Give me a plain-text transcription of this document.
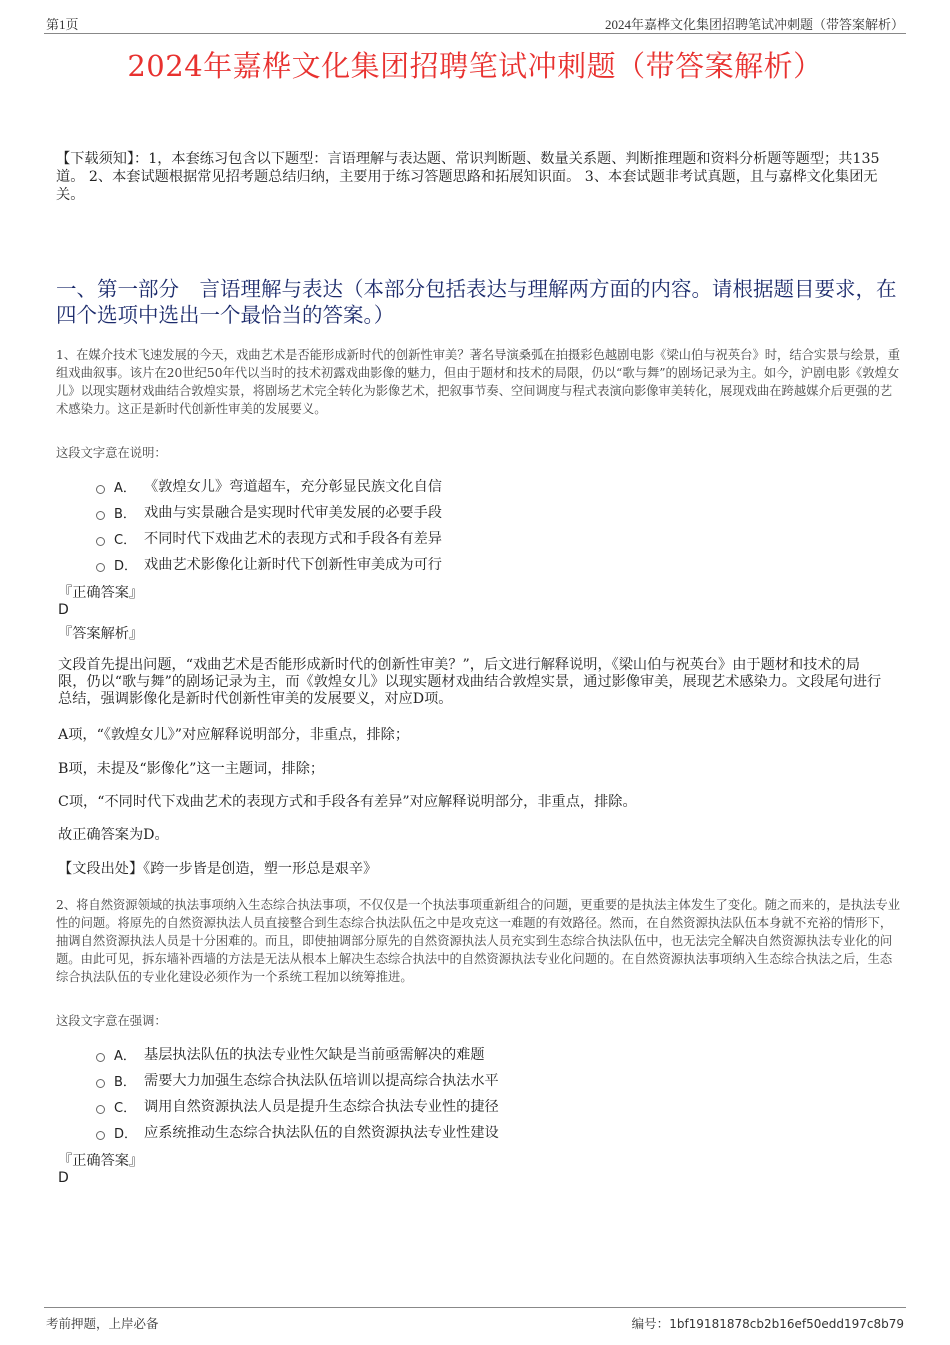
第1页	2024年嘉桦文化集团招聘笔试冲刺题（带答案解析）
2024年嘉桦文化集团招聘笔试冲刺题（带答案解析）
【下载须知】：1，本套练习包含以下题型：言语理解与表达题、常识判断题、数量关系题、判断推理题和资料分析题等题型；共135道。 2、本套试题根据常见招考题总结归纳，主要用于练习答题思路和拓展知识面。 3、本套试题非考试真题，且与嘉桦文化集团无关。
一、第一部分　言语理解与表达（本部分包括表达与理解两方面的内容。请根据题目要求，在四个选项中选出一个最恰当的答案。）
1、在媒介技术飞速发展的今天，戏曲艺术是否能形成新时代的创新性审美？著名导演桑弧在拍摄彩色越剧电影《梁山伯与祝英台》时，结合实景与绘景，重组戏曲叙事。该片在20世纪50年代以当时的技术初露戏曲影像的魅力，但由于题材和技术的局限，仍以“歌与舞”的剧场记录为主。如今，沪剧电影《敦煌女儿》以现实题材戏曲结合敦煌实景，将剧场艺术完全转化为影像艺术，把叙事节奏、空间调度与程式表演向影像审美转化，展现戏曲在跨越媒介后更强的艺术感染力。这正是新时代创新性审美的发展要义。
这段文字意在说明：
A． 《敦煌女儿》弯道超车，充分彰显民族文化自信
B． 戏曲与实景融合是实现时代审美发展的必要手段
C． 不同时代下戏曲艺术的表现方式和手段各有差异
D． 戏曲艺术影像化让新时代下创新性审美成为可行
『正确答案』
D
『答案解析』
文段首先提出问题，“戏曲艺术是否能形成新时代的创新性审美？”，后文进行解释说明，《梁山伯与祝英台》由于题材和技术的局限，仍以“歌与舞”的剧场记录为主，而《敦煌女儿》以现实题材戏曲结合敦煌实景，通过影像审美，展现艺术感染力。文段尾句进行总结，强调影像化是新时代创新性审美的发展要义，对应D项。
A项，“《敦煌女儿》”对应解释说明部分，非重点，排除；
B项，未提及“影像化”这一主题词，排除；
C项，“不同时代下戏曲艺术的表现方式和手段各有差异”对应解释说明部分，非重点，排除。
故正确答案为D。
【文段出处】《跨一步皆是创造，塑一形总是艰辛》
2、将自然资源领域的执法事项纳入生态综合执法事项，不仅仅是一个执法事项重新组合的问题，更重要的是执法主体发生了变化。随之而来的，是执法专业性的问题。将原先的自然资源执法人员直接整合到生态综合执法队伍之中是攻克这一难题的有效路径。然而，在自然资源执法队伍本身就不充裕的情形下，抽调自然资源执法人员是十分困难的。而且，即使抽调部分原先的自然资源执法人员充实到生态综合执法队伍中，也无法完全解决自然资源执法专业化的问题。由此可见，拆东墙补西墙的方法是无法从根本上解决生态综合执法中的自然资源执法专业化问题的。在自然资源执法事项纳入生态综合执法之后，生态综合执法队伍的专业化建设必须作为一个系统工程加以统筹推进。
这段文字意在强调：
A． 基层执法队伍的执法专业性欠缺是当前亟需解决的难题
B． 需要大力加强生态综合执法队伍培训以提高综合执法水平
C． 调用自然资源执法人员是提升生态综合执法专业性的捷径
D． 应系统推动生态综合执法队伍的自然资源执法专业性建设
『正确答案』
D
考前押题，上岸必备	编号：1bf19181878cb2b16ef50edd197c8b79
